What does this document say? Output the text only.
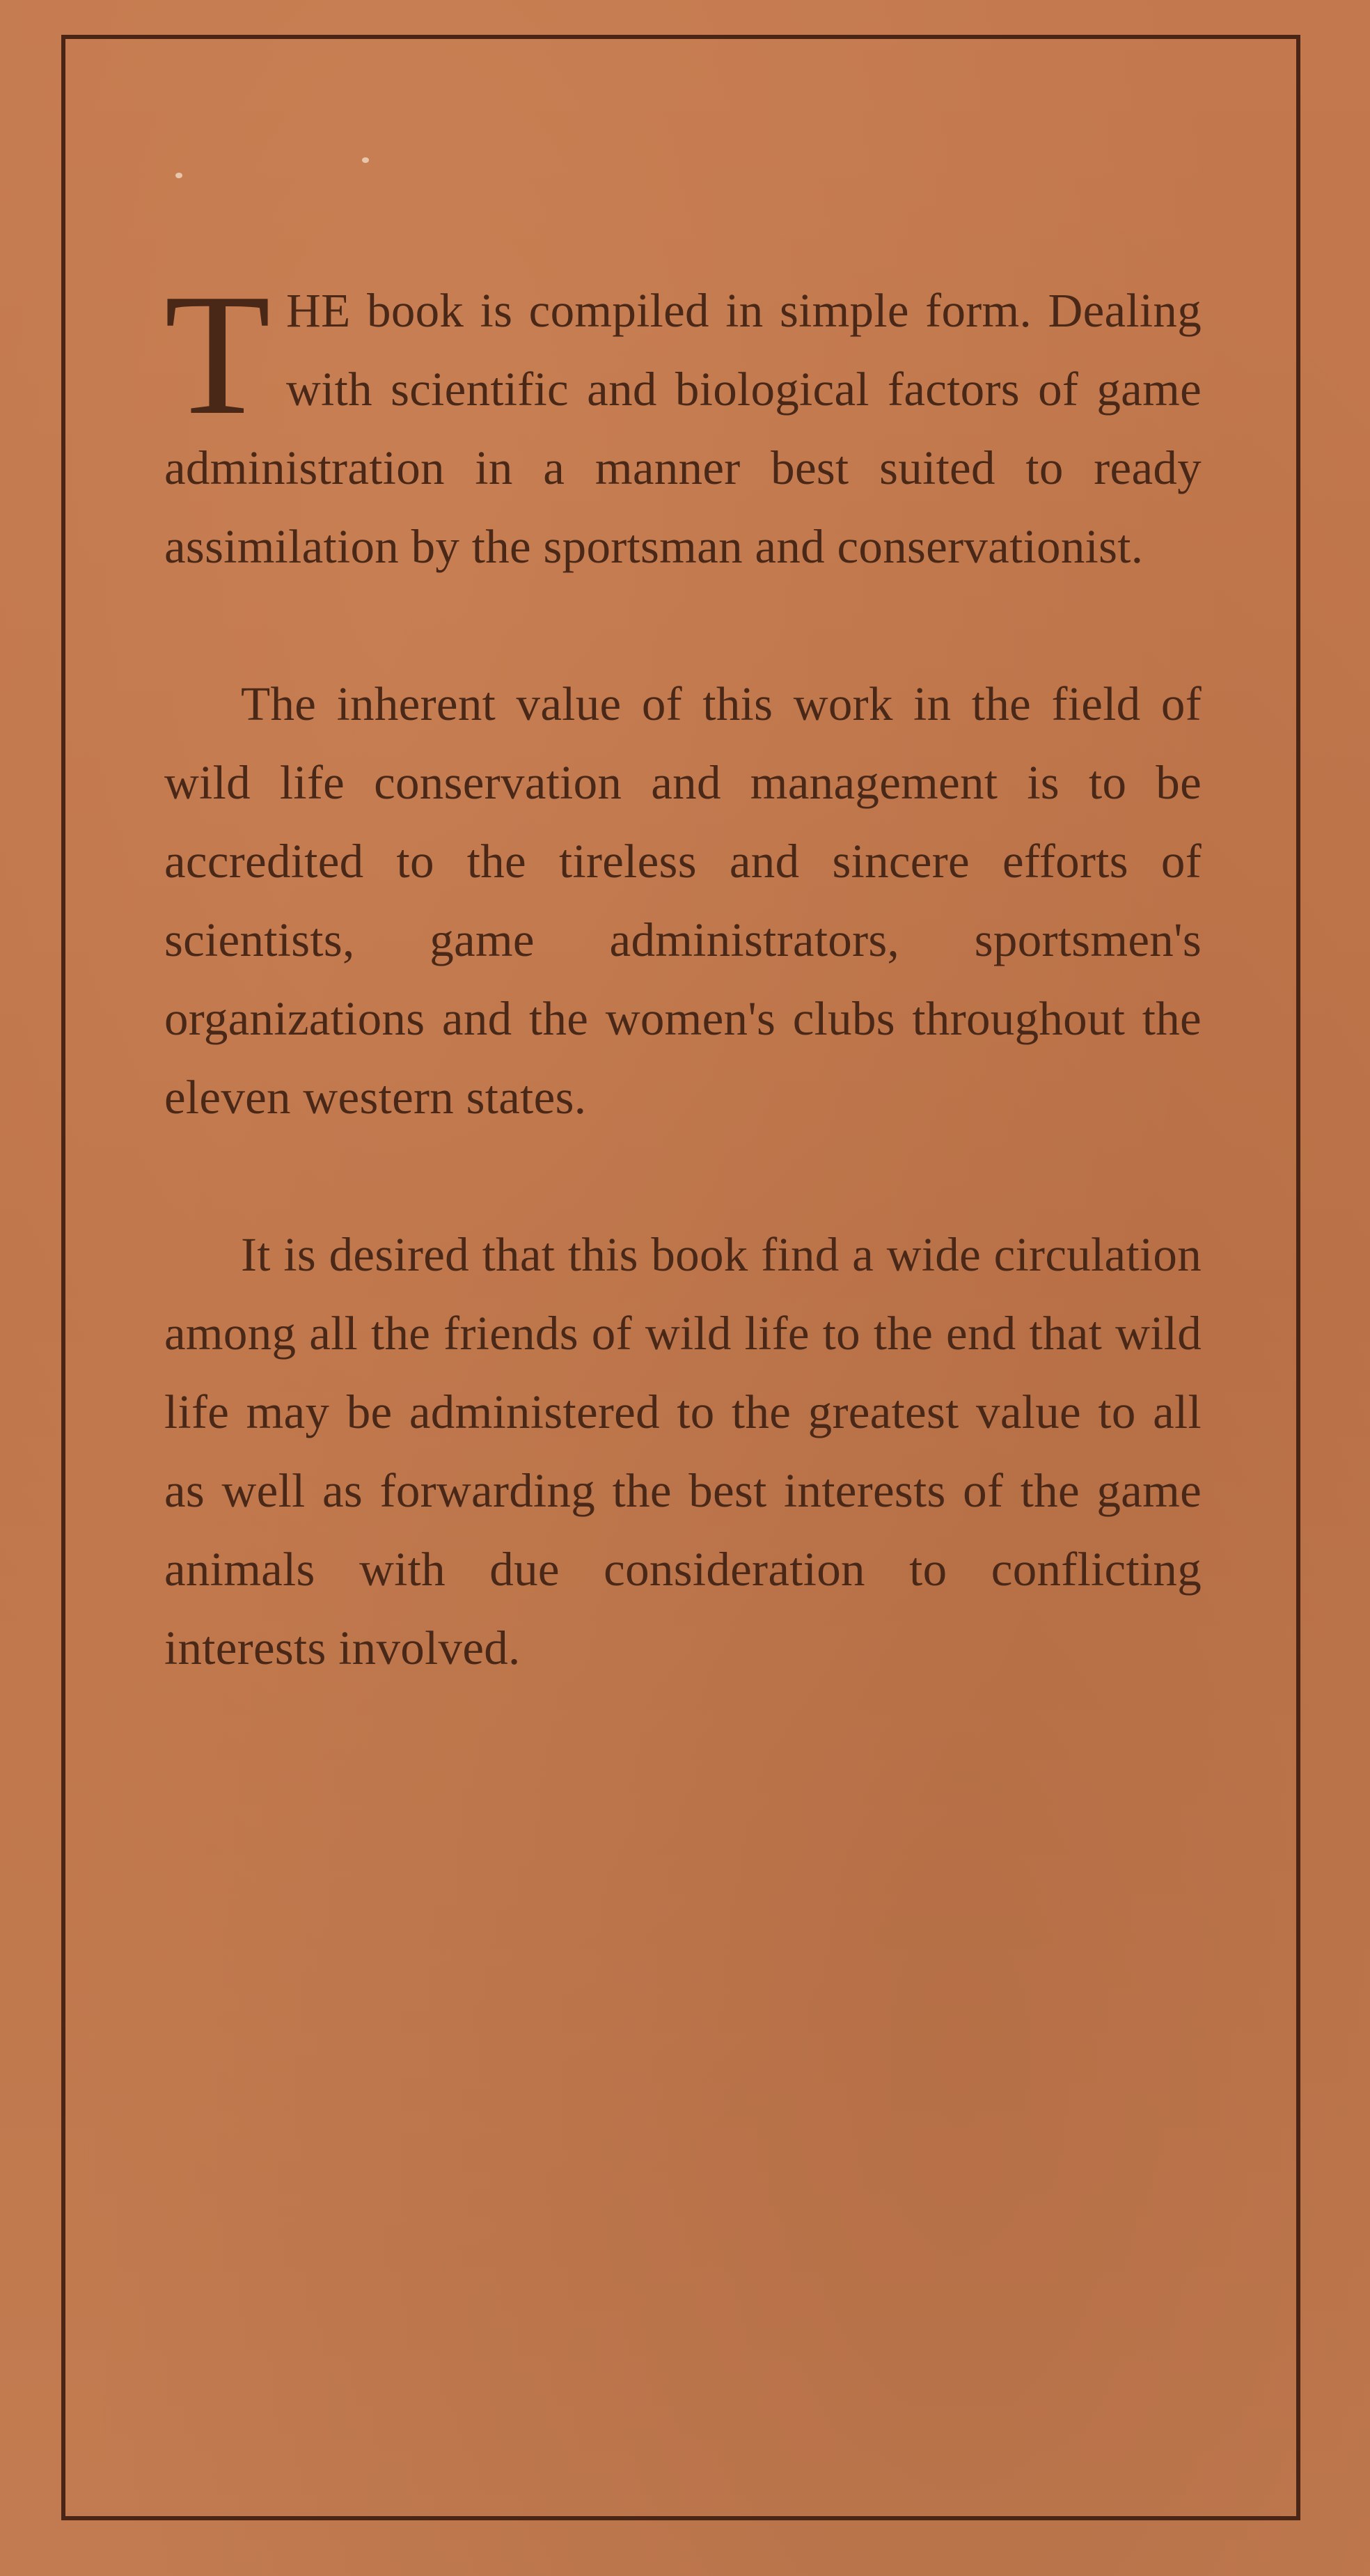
THE book is compiled in simple form. Dealing with scientific and biological factors of game administration in a manner best suited to ready assimilation by the sportsman and conservationist.

The inherent value of this work in the field of wild life conservation and management is to be accredited to the tireless and sincere efforts of scientists, game administrators, sportsmen's organizations and the women's clubs throughout the eleven western states.

It is desired that this book find a wide circulation among all the friends of wild life to the end that wild life may be administered to the greatest value to all as well as forwarding the best interests of the game animals with due consideration to conflicting interests involved.
